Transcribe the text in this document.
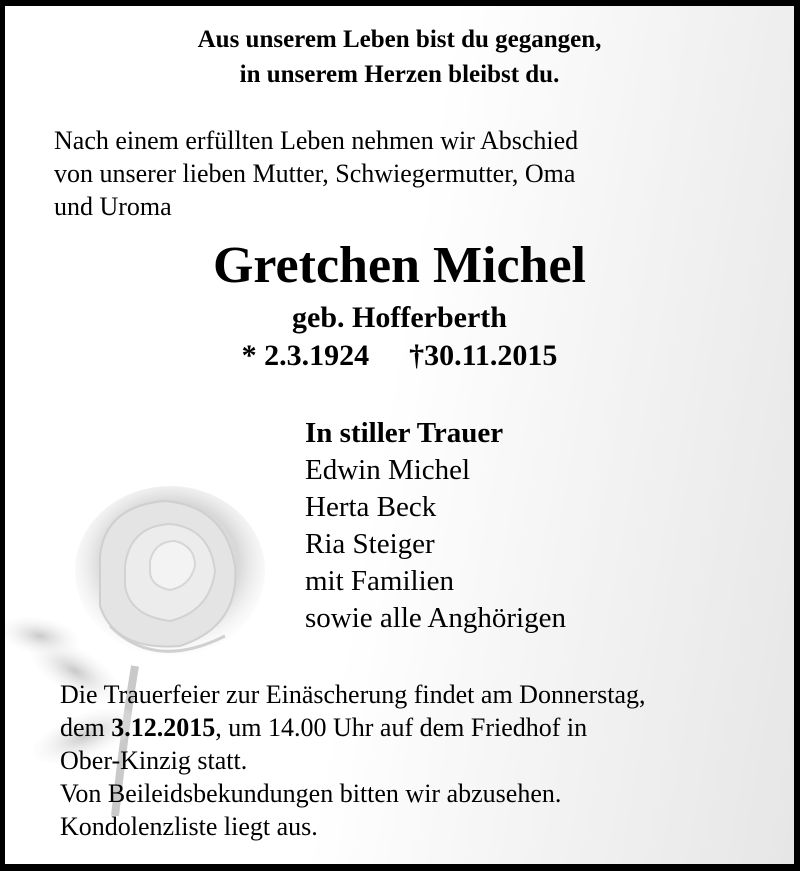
Aus unserem Leben bist du gegangen,
in unserem Herzen bleibst du.
Nach einem erfüllten Leben nehmen wir Abschied
von unserer lieben Mutter, Schwiegermutter, Oma
und Uroma
Gretchen Michel
geb. Hofferberth
* 2.3.1924 †30.11.2015
In stiller Trauer
Edwin Michel
Herta Beck
Ria Steiger
mit Familien
sowie alle Anghörigen
Die Trauerfeier zur Einäscherung findet am Donnerstag,
dem 3.12.2015, um 14.00 Uhr auf dem Friedhof in
Ober-Kinzig statt.
Von Beileidsbekundungen bitten wir abzusehen.
Kondolenzliste liegt aus.
